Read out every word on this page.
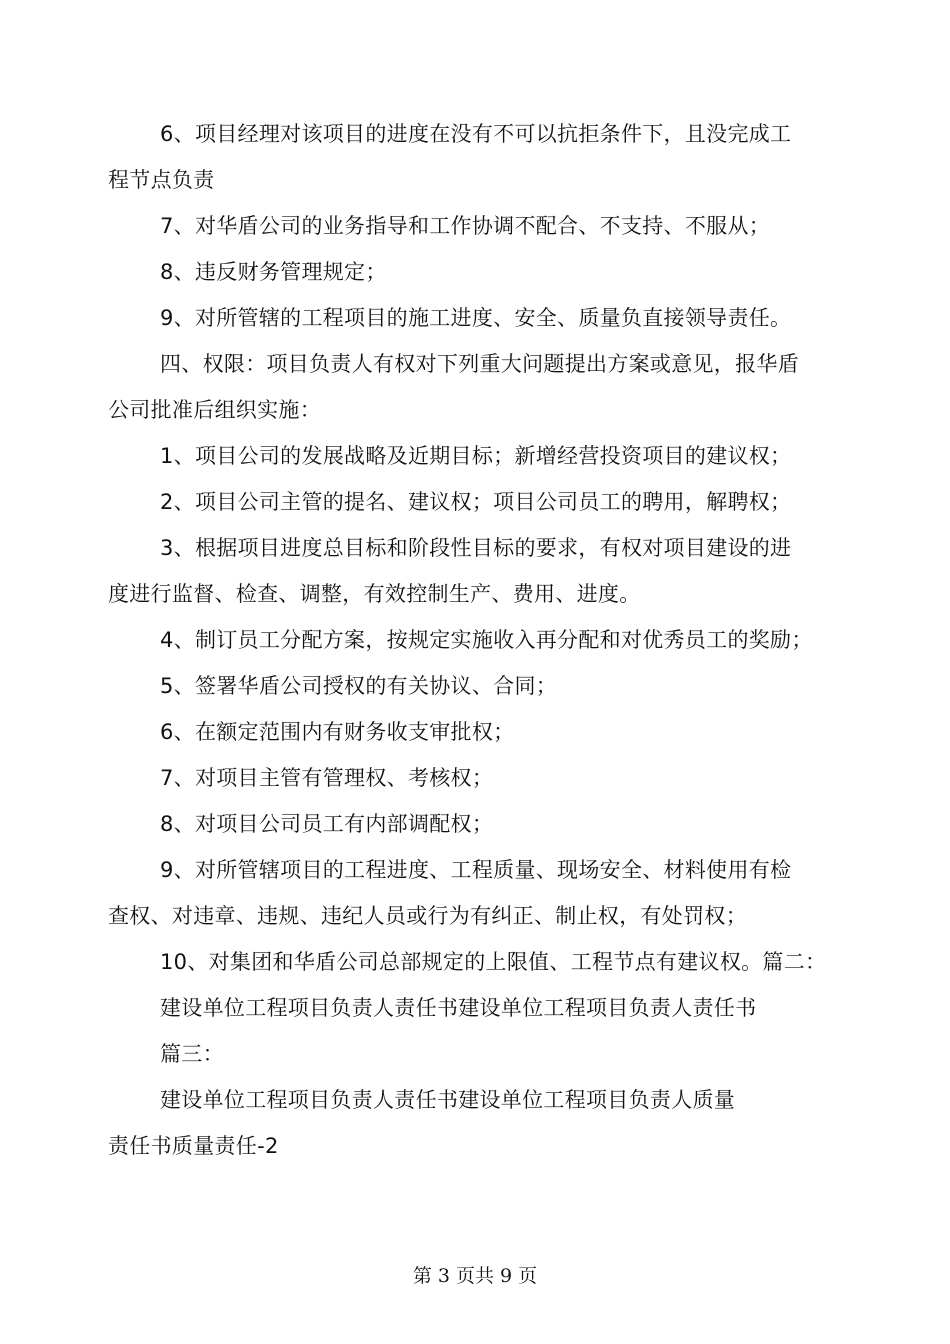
6、项目经理对该项目的进度在没有不可以抗拒条件下，且没完成工
程节点负责
7、对华盾公司的业务指导和工作协调不配合、不支持、不服从；
8、违反财务管理规定；
9、对所管辖的工程项目的施工进度、安全、质量负直接领导责任。
四、权限：项目负责人有权对下列重大问题提出方案或意见，报华盾
公司批准后组织实施：
1、项目公司的发展战略及近期目标；新增经营投资项目的建议权；
2、项目公司主管的提名、建议权；项目公司员工的聘用，解聘权；
3、根据项目进度总目标和阶段性目标的要求，有权对项目建设的进
度进行监督、检查、调整，有效控制生产、费用、进度。
4、制订员工分配方案，按规定实施收入再分配和对优秀员工的奖励；
5、签署华盾公司授权的有关协议、合同；
6、在额定范围内有财务收支审批权；
7、对项目主管有管理权、考核权；
8、对项目公司员工有内部调配权；
9、对所管辖项目的工程进度、工程质量、现场安全、材料使用有检
查权、对违章、违规、违纪人员或行为有纠正、制止权，有处罚权；
10、对集团和华盾公司总部规定的上限值、工程节点有建议权。篇二：
建设单位工程项目负责人责任书建设单位工程项目负责人责任书
篇三：
建设单位工程项目负责人责任书建设单位工程项目负责人质量
责任书质量责任-2
第 3 页共 9 页
